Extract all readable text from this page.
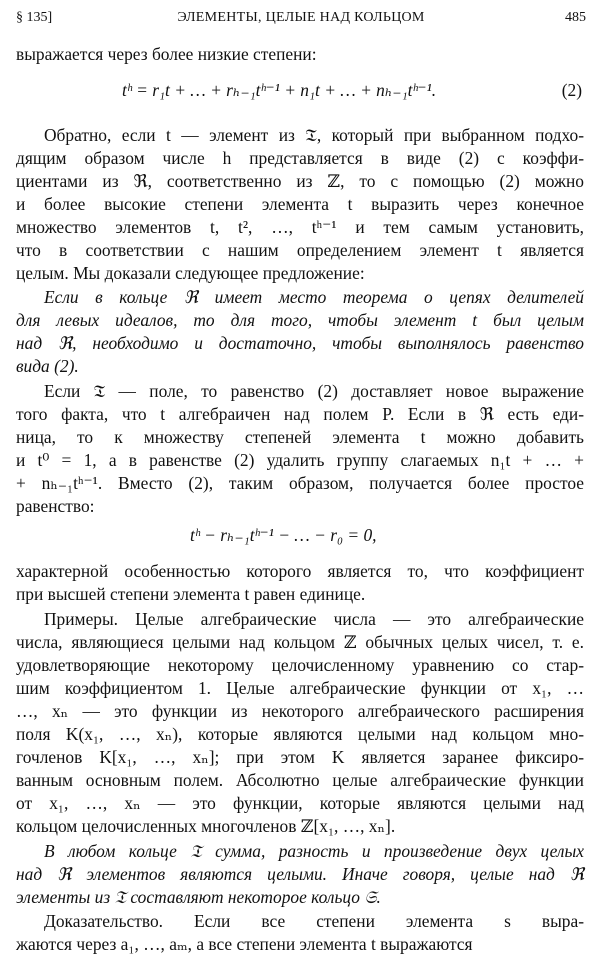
§ 135]	ЭЛЕМЕНТЫ, ЦЕЛЫЕ НАД КОЛЬЦОМ	485
выражается через более низкие степени:
tʰ = r₁t + … + rₕ₋₁tʰ⁻¹ + n₁t + … + nₕ₋₁tʰ⁻¹.	(2)
Обратно, если t — элемент из 𝔗, который при выбранном подхо-
дящим образом числе h представляется в виде (2) с коэффи-
циентами из ℜ, соответственно из ℤ, то с помощью (2) можно
и более высокие степени элемента t выразить через конечное
множество элементов t, t², …, tʰ⁻¹ и тем самым установить,
что в соответствии с нашим определением элемент t является
целым. Мы доказали следующее предложение:
Если в кольце ℜ имеет место теорема о цепях делителей
для левых идеалов, то для того, чтобы элемент t был целым
над ℜ, необходимо и достаточно, чтобы выполнялось равенство
вида (2).
Если 𝔗 — поле, то равенство (2) доставляет новое выражение
того факта, что t алгебраичен над полем P. Если в ℜ есть еди-
ница, то к множеству степеней элемента t можно добавить
и t⁰ = 1, а в равенстве (2) удалить группу слагаемых n₁t + … +
+ nₕ₋₁tʰ⁻¹. Вместо (2), таким образом, получается более простое
равенство:
tʰ − rₕ₋₁tʰ⁻¹ − … − r₀ = 0,
характерной особенностью которого является то, что коэффициент
при высшей степени элемента t равен единице.
Примеры. Целые алгебраические числа — это алгебраические
числа, являющиеся целыми над кольцом ℤ обычных целых чисел, т. е.
удовлетворяющие некоторому целочисленному уравнению со стар-
шим коэффициентом 1. Целые алгебраические функции от x₁, …
…, xₙ — это функции из некоторого алгебраического расширения
поля K(x₁, …, xₙ), которые являются целыми над кольцом мно-
гочленов K[x₁, …, xₙ]; при этом K является заранее фиксиро-
ванным основным полем. Абсолютно целые алгебраические функции
от x₁, …, xₙ — это функции, которые являются целыми над
кольцом целочисленных многочленов ℤ[x₁, …, xₙ].
В любом кольце 𝔗 сумма, разность и произведение двух целых
над ℜ элементов являются целыми. Иначе говоря, целые над ℜ
элементы из 𝔗 составляют некоторое кольцо 𝔖.
Доказательство. Если все степени элемента s выра-
жаются через a₁, …, aₘ, а все степени элемента t выражаются
